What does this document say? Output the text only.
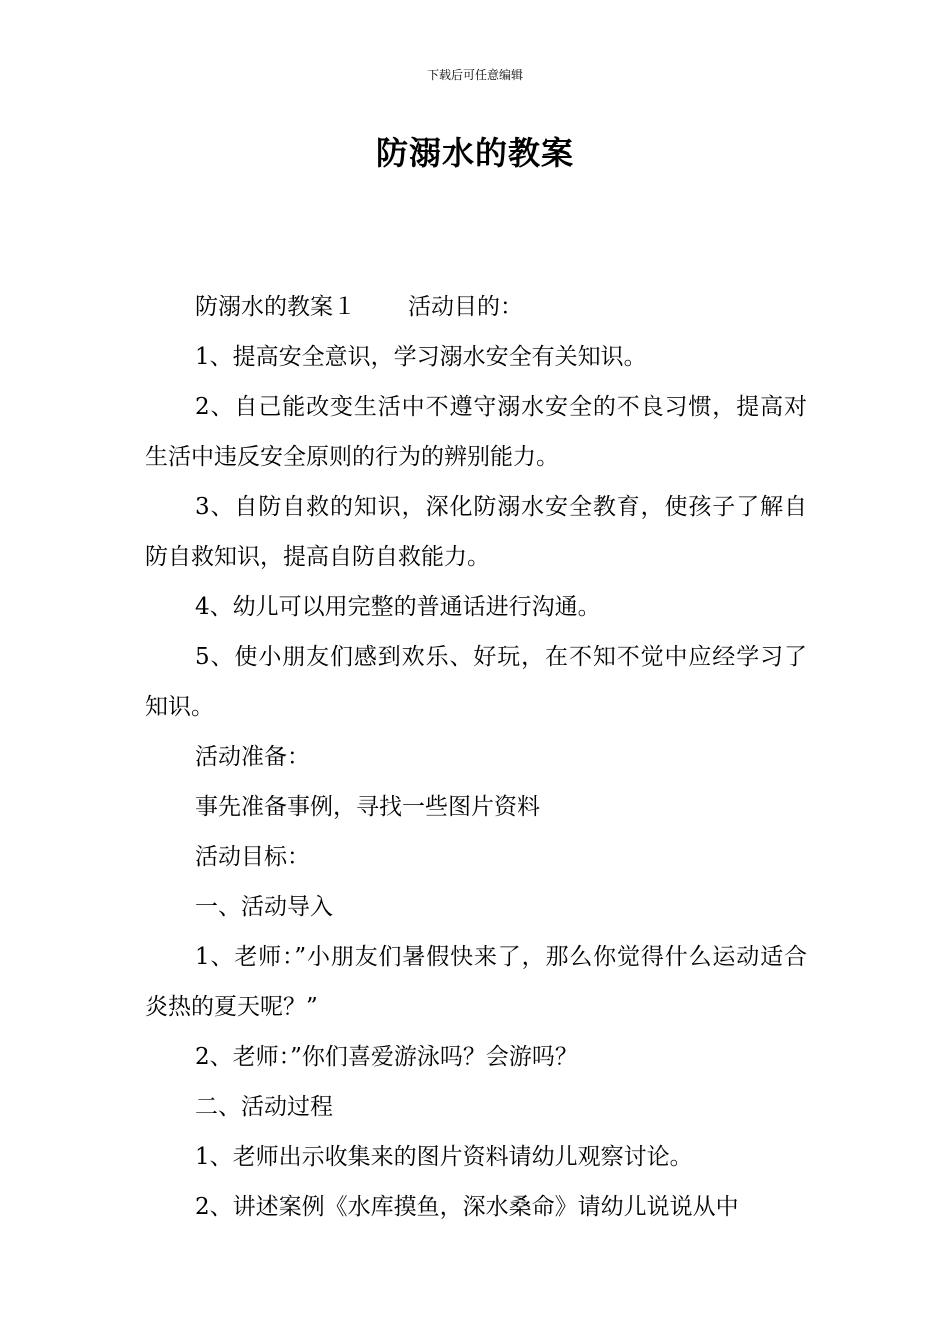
下载后可任意编辑
防溺水的教案

防溺水的教案１ 活动目的：

1、提高安全意识，学习溺水安全有关知识。

2、自己能改变生活中不遵守溺水安全的不良习惯，提高对生活中违反安全原则的行为的辨别能力。

3、自防自救的知识，深化防溺水安全教育，使孩子了解自防自救知识，提高自防自救能力。

4、幼儿可以用完整的普通话进行沟通。

5、使小朋友们感到欢乐、好玩，在不知不觉中应经学习了知识。

活动准备：

事先准备事例，寻找一些图片资料

活动目标：

一、活动导入

1、老师：”小朋友们暑假快来了，那么你觉得什么运动适合炎热的夏天呢？”

2、老师：”你们喜爱游泳吗？会游吗？

二、活动过程

1、老师出示收集来的图片资料请幼儿观察讨论。

2、讲述案例《水库摸鱼，深水桑命》请幼儿说说从中
